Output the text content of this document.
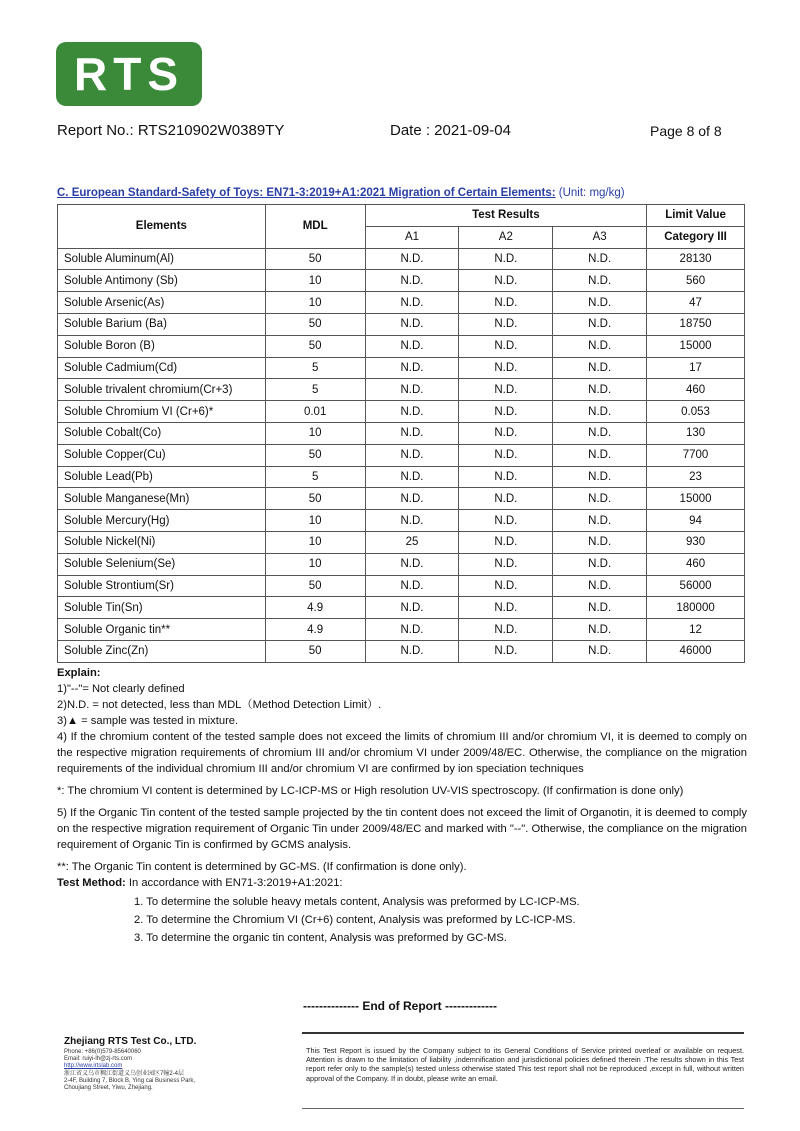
RTS
Report No.: RTS210902W0389TY	Date : 2021-09-04	Page 8 of 8
C. European Standard-Safety of Toys: EN71-3:2019+A1:2021 Migration of Certain Elements: (Unit: mg/kg)
Elements	MDL	Test Results			Limit Value
		A1	A2	A3	Category III
Soluble Aluminum(Al)	50	N.D.	N.D.	N.D.	28130
Soluble Antimony (Sb)	10	N.D.	N.D.	N.D.	560
Soluble Arsenic(As)	10	N.D.	N.D.	N.D.	47
Soluble Barium (Ba)	50	N.D.	N.D.	N.D.	18750
Soluble Boron (B)	50	N.D.	N.D.	N.D.	15000
Soluble Cadmium(Cd)	5	N.D.	N.D.	N.D.	17
Soluble trivalent chromium(Cr+3)	5	N.D.	N.D.	N.D.	460
Soluble Chromium VI (Cr+6)*	0.01	N.D.	N.D.	N.D.	0.053
Soluble Cobalt(Co)	10	N.D.	N.D.	N.D.	130
Soluble Copper(Cu)	50	N.D.	N.D.	N.D.	7700
Soluble Lead(Pb)	5	N.D.	N.D.	N.D.	23
Soluble Manganese(Mn)	50	N.D.	N.D.	N.D.	15000
Soluble Mercury(Hg)	10	N.D.	N.D.	N.D.	94
Soluble Nickel(Ni)	10	25	N.D.	N.D.	930
Soluble Selenium(Se)	10	N.D.	N.D.	N.D.	460
Soluble Strontium(Sr)	50	N.D.	N.D.	N.D.	56000
Soluble Tin(Sn)	4.9	N.D.	N.D.	N.D.	180000
Soluble Organic tin**	4.9	N.D.	N.D.	N.D.	12
Soluble Zinc(Zn)	50	N.D.	N.D.	N.D.	46000

Explain:

1)"--"= Not clearly defined

2)N.D. = not detected, less than MDL（Method Detection Limit）.

3)▲ = sample was tested in mixture.

4) If the chromium content of the tested sample does not exceed the limits of chromium III and/or chromium VI, it is deemed to comply on the respective migration requirements of chromium III and/or chromium VI under 2009/48/EC. Otherwise, the compliance on the migration requirements of the individual chromium III and/or chromium VI are confirmed by ion speciation techniques

*: The chromium VI content is determined by LC-ICP-MS or High resolution UV-VIS spectroscopy. (If confirmation is done only)

5) If the Organic Tin content of the tested sample projected by the tin content does not exceed the limit of Organotin, it is deemed to comply on the respective migration requirement of Organic Tin under 2009/48/EC and marked with "--". Otherwise, the compliance on the migration requirement of Organic Tin is confirmed by GCMS analysis.

**: The Organic Tin content is determined by GC-MS. (If confirmation is done only).

Test Method: In accordance with EN71-3:2019+A1:2021:

1. To determine the soluble heavy metals content, Analysis was preformed by LC-ICP-MS.
2. To determine the Chromium VI (Cr+6) content, Analysis was preformed by LC-ICP-MS.
3. To determine the organic tin content, Analysis was preformed by GC-MS.
-------------- End of Report -------------
Zhejiang RTS Test Co., LTD.
Phone: +86(0)579-85640060
Email: ruiyi-lh@zj-rts.com
http://www.irtslab.com
浙江省义乌市稠江街道义乌创业园区7幢2-4层
2-4F, Building 7, Block B, Ying cai Business Park,
Choujiang Street, Yiwu, Zhejiang.
This Test Report is issued by the Company subject to its General Conditions of Service printed overleaf or available on request. Attention is drawn to the limitation of liability ,indemnification and jurisdictional policies defined therein .The results shown in this Test report refer only to the sample(s) tested unless otherwise stated This test report shall not be reproduced ,except in full, without written approval of the Company. If in doubt, please write an email.
